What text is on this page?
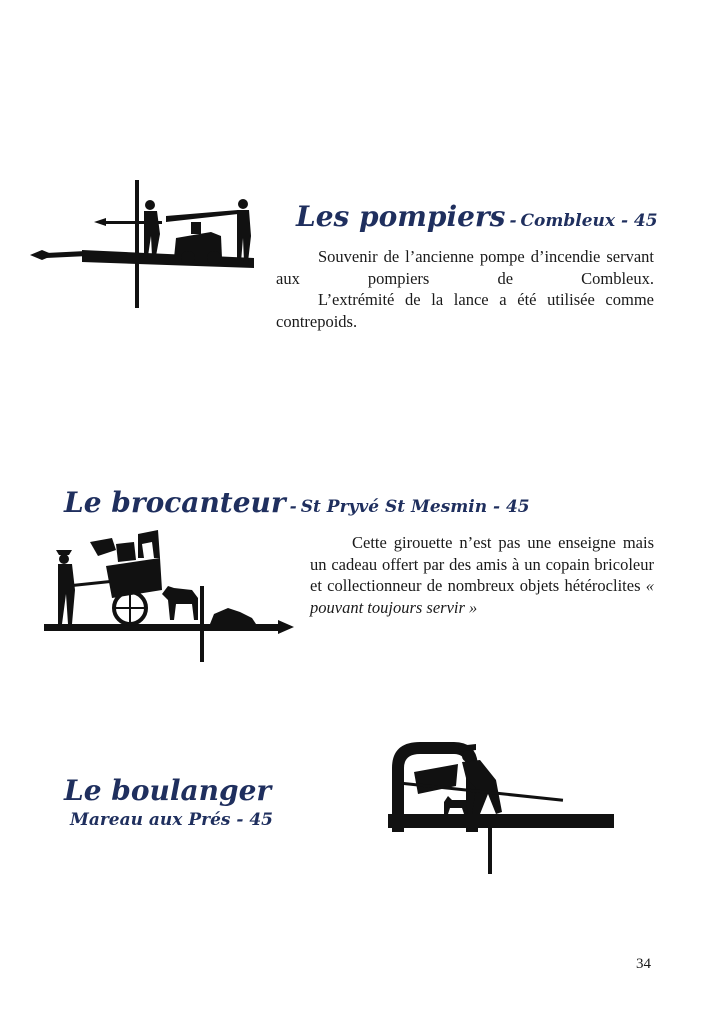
Les pompiers - Combleux - 45

Souvenir de l’ancienne pompe d’incendie servant aux pompiers de Combleux.

L’extrémité de la lance a été utilisée comme contrepoids.

Le brocanteur - St Pryvé St Mesmin - 45

Cette girouette n’est pas une enseigne mais un cadeau offert par des amis à un copain bricoleur et collectionneur de nombreux objets hétéroclites « pouvant toujours servir »

Le boulanger
Mareau aux Prés - 45
34
